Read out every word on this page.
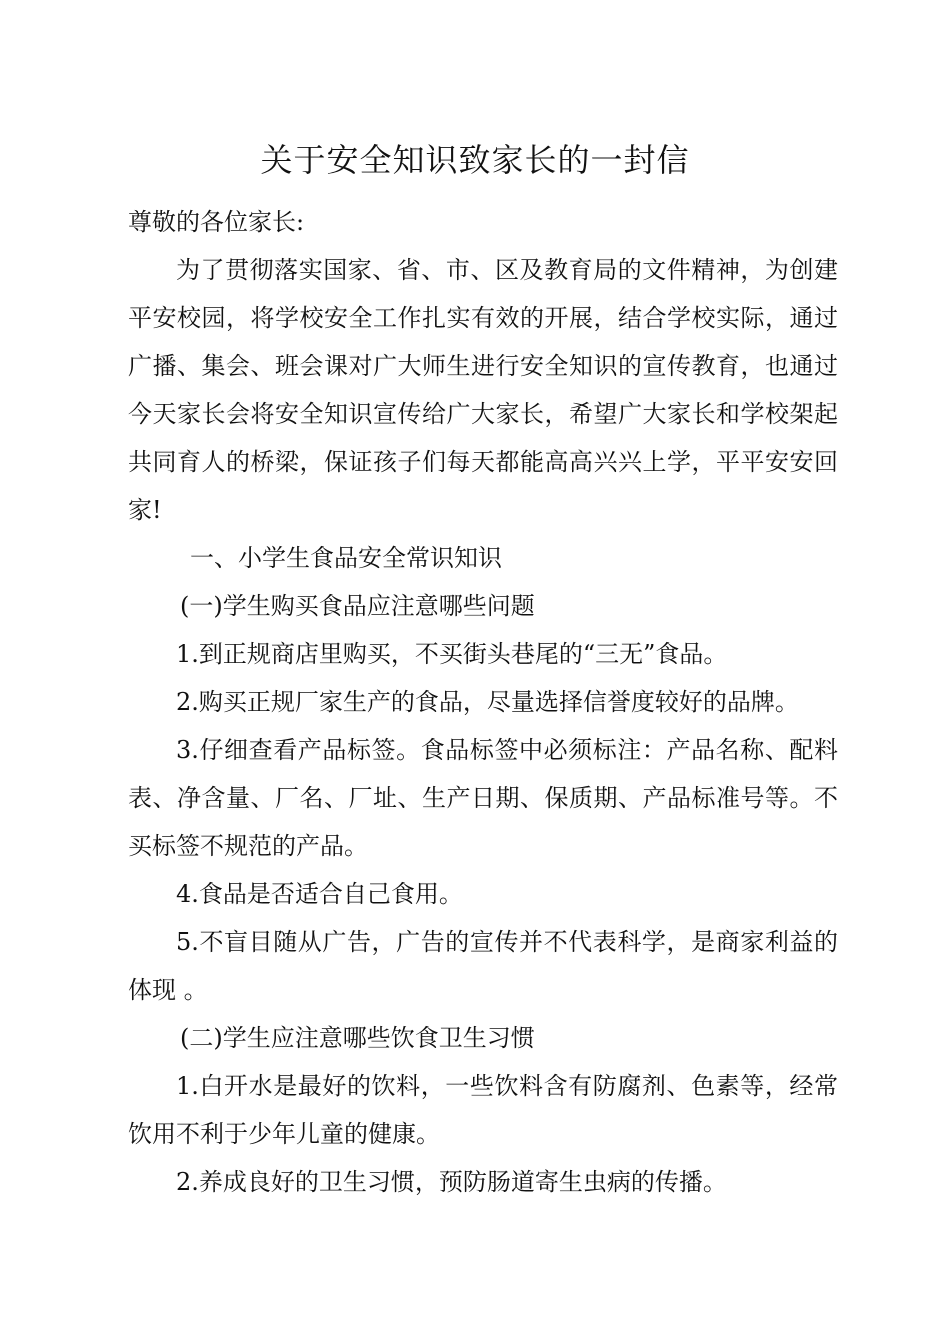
关于安全知识致家长的一封信

尊敬的各位家长:

为了贯彻落实国家、省、市、区及教育局的文件精神，为创建平安校园，将学校安全工作扎实有效的开展，结合学校实际，通过广播、集会、班会课对广大师生进行安全知识的宣传教育，也通过今天家长会将安全知识宣传给广大家长，希望广大家长和学校架起共同育人的桥梁，保证孩子们每天都能高高兴兴上学，平平安安回家!

一、小学生食品安全常识知识

(一)学生购买食品应注意哪些问题

1.到正规商店里购买，不买街头巷尾的“三无”食品。

2.购买正规厂家生产的食品，尽量选择信誉度较好的品牌。

3.仔细查看产品标签。食品标签中必须标注：产品名称、配料表、净含量、厂名、厂址、生产日期、保质期、产品标准号等。不买标签不规范的产品。

4.食品是否适合自己食用。

5.不盲目随从广告，广告的宣传并不代表科学，是商家利益的体现 。

(二)学生应注意哪些饮食卫生习惯

1.白开水是最好的饮料，一些饮料含有防腐剂、色素等，经常饮用不利于少年儿童的健康。

2.养成良好的卫生习惯，预防肠道寄生虫病的传播。
